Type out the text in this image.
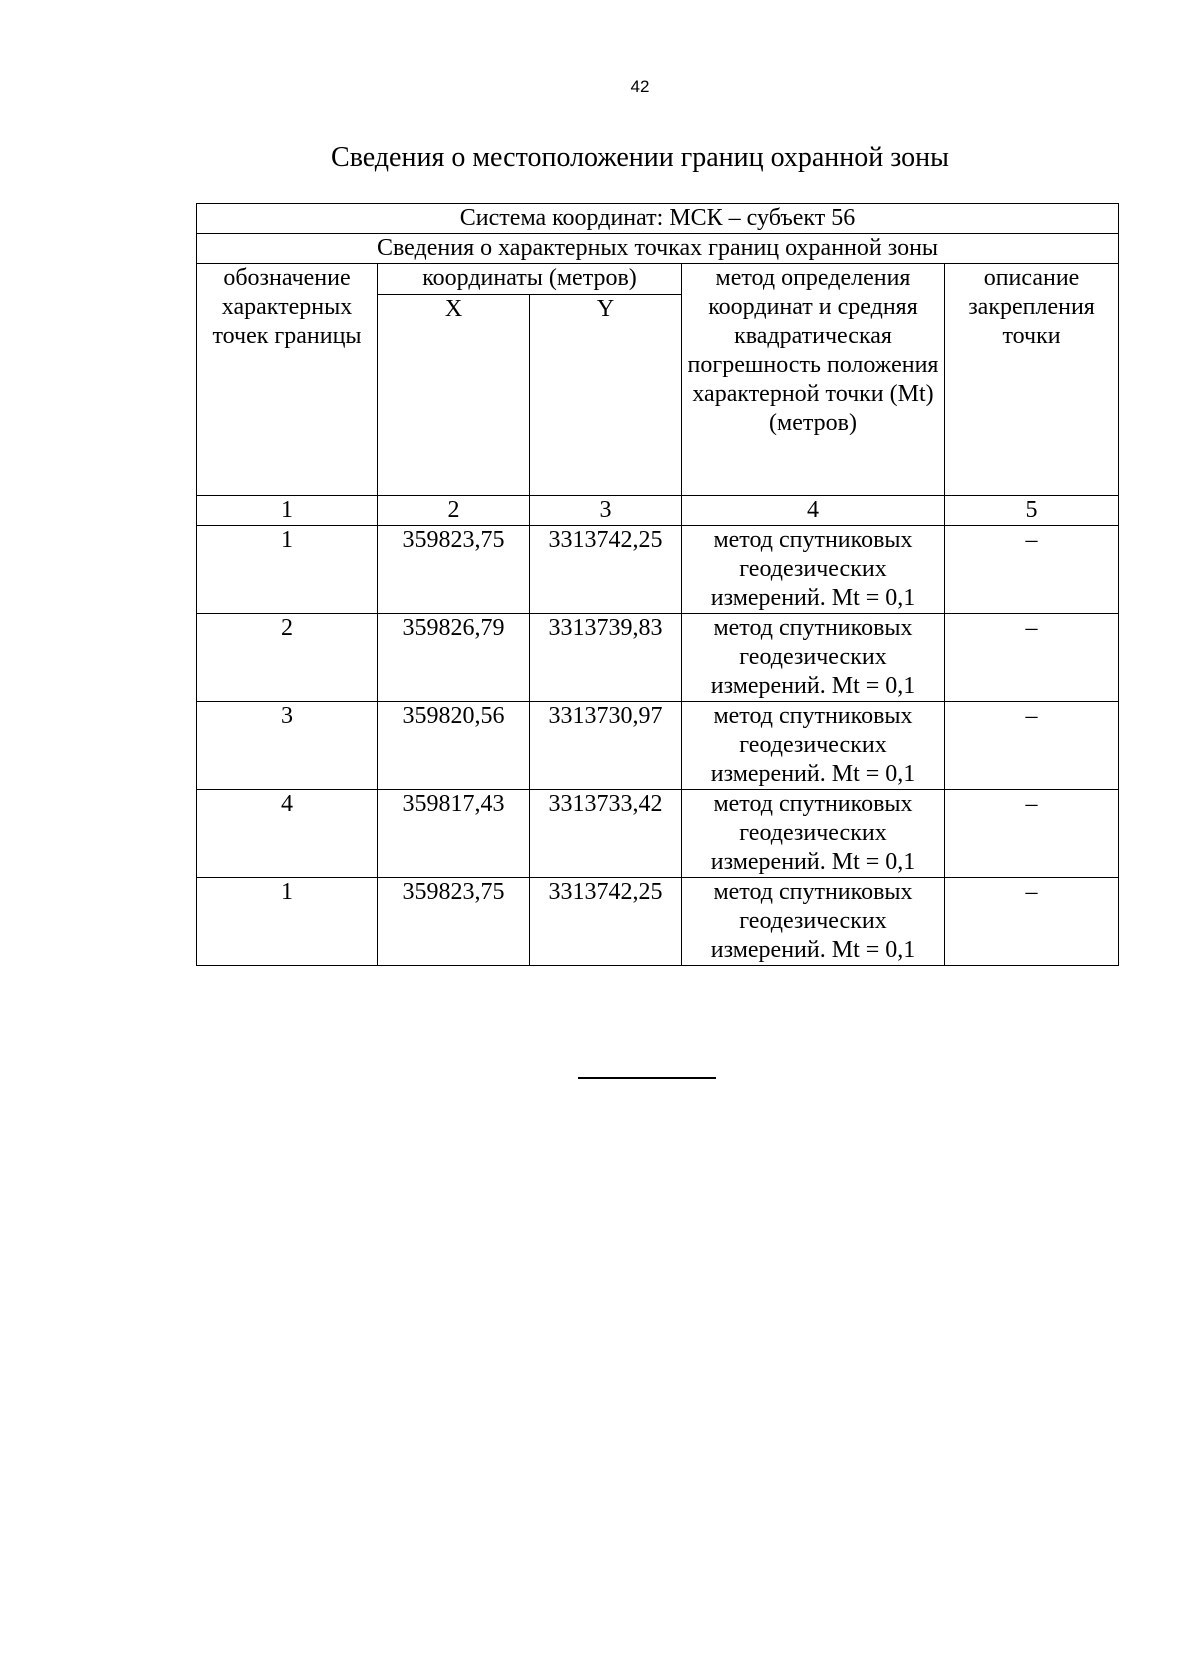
42
Сведения о местоположении границ охранной зоны
Система координат: МСК – субъект 56				
Сведения о характерных точках границ охранной зоны				
обозначение характерных точек границы	координаты (метров)		метод определения координат и средняя квадратическая погрешность положения характерной точки (Mt) (метров)	описание закрепления точки
	X	Y		
1	2	3	4	5
1	359823,75	3313742,25	метод спутниковых геодезических измерений. Mt = 0,1	–
2	359826,79	3313739,83	метод спутниковых геодезических измерений. Mt = 0,1	–
3	359820,56	3313730,97	метод спутниковых геодезических измерений. Mt = 0,1	–
4	359817,43	3313733,42	метод спутниковых геодезических измерений. Mt = 0,1	–
1	359823,75	3313742,25	метод спутниковых геодезических измерений. Mt = 0,1	–
